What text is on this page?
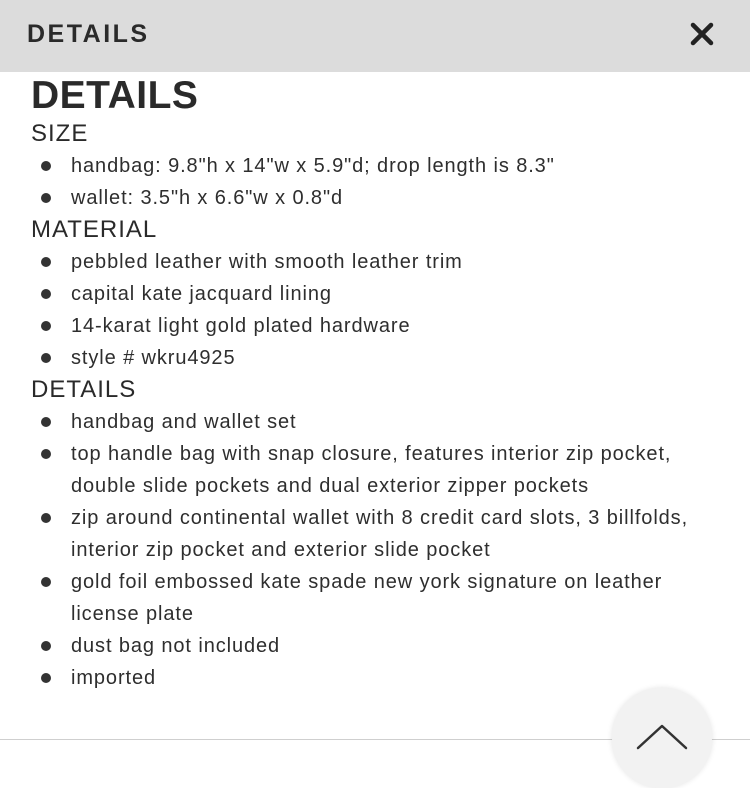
DETAILS
DETAILS
SIZE
handbag: 9.8"h x 14"w x 5.9"d; drop length is 8.3"
wallet: 3.5"h x 6.6"w x 0.8"d
MATERIAL
pebbled leather with smooth leather trim
capital kate jacquard lining
14-karat light gold plated hardware
style # wkru4925
DETAILS
handbag and wallet set
top handle bag with snap closure, features interior zip pocket, double slide pockets and dual exterior zipper pockets
zip around continental wallet with 8 credit card slots, 3 billfolds, interior zip pocket and exterior slide pocket
gold foil embossed kate spade new york signature on leather license plate
dust bag not included
imported
